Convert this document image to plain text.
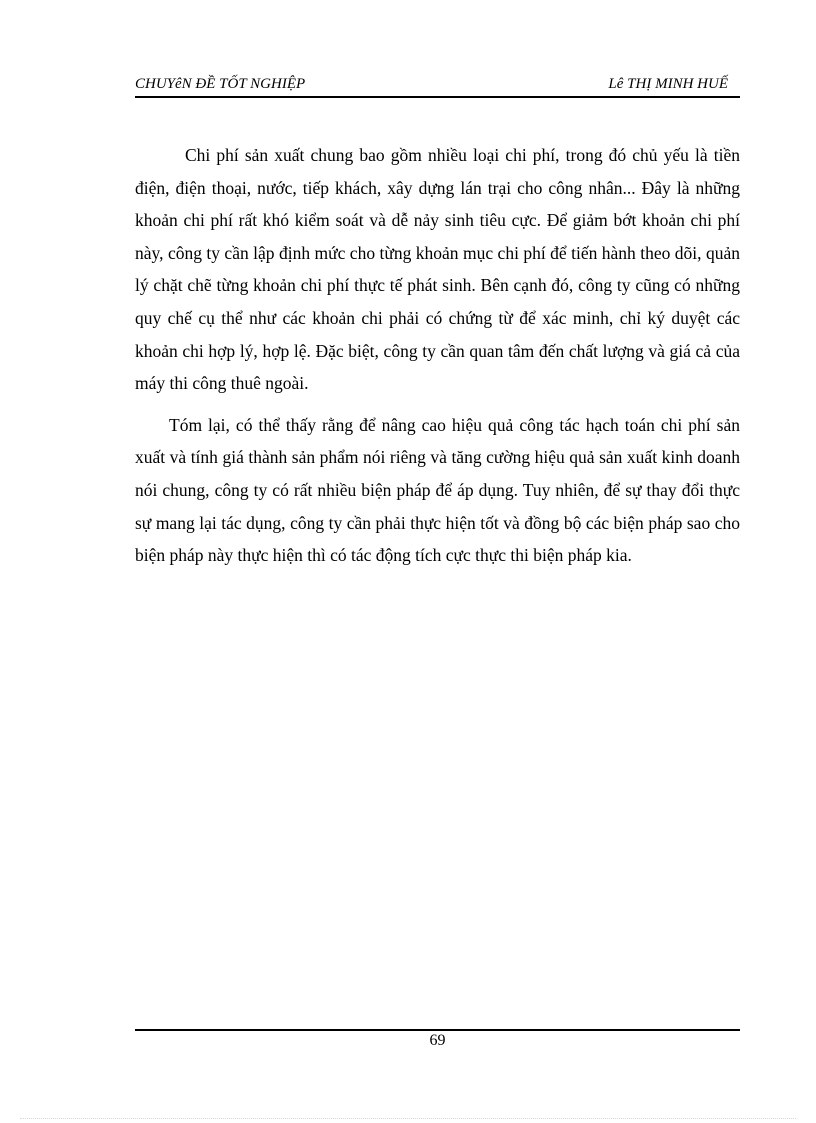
CHUYêN ĐỀ TỐT NGHIỆP	Lê THỊ MINH HUẾ

Chi phí sản xuất chung bao gồm nhiều loại chi phí, trong đó chủ yếu là tiền điện, điện thoại, nước, tiếp khách, xây dựng lán trại cho công nhân... Đây là những khoản chi phí rất khó kiểm soát và dễ nảy sinh tiêu cực. Để giảm bớt khoản chi phí này, công ty cần lập định mức cho từng khoản mục chi phí để tiến hành theo dõi, quản lý chặt chẽ từng khoản chi phí thực tế phát sinh. Bên cạnh đó, công ty cũng có những quy chế cụ thể như các khoản chi phải có chứng từ để xác minh, chỉ ký duyệt các khoản chi hợp lý, hợp lệ. Đặc biệt, công ty cần quan tâm đến chất lượng và giá cả của máy thi công thuê ngoài.

Tóm lại, có thể thấy rằng để nâng cao hiệu quả công tác hạch toán chi phí sản xuất và tính giá thành sản phẩm nói riêng và tăng cường hiệu quả sản xuất kinh doanh nói chung, công ty có rất nhiều biện pháp để áp dụng. Tuy nhiên, để sự thay đổi thực sự mang lại tác dụng, công ty cần phải thực hiện tốt và đồng bộ các biện pháp sao cho biện pháp này thực hiện thì có tác động tích cực thực thi biện pháp kia.

69
